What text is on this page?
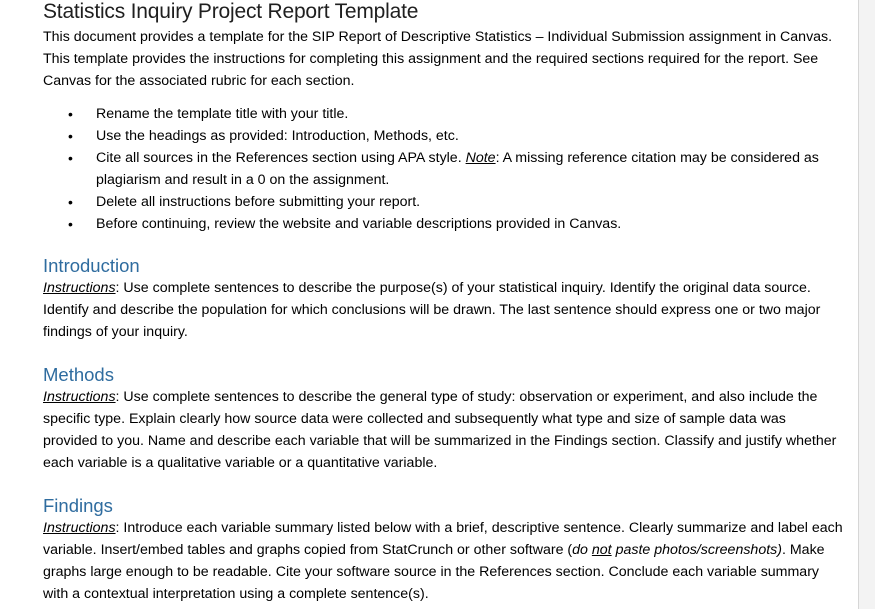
Statistics Inquiry Project Report Template

This document provides a template for the SIP Report of Descriptive Statistics – Individual Submission assignment in Canvas. This template provides the instructions for completing this assignment and the required sections required for the report. See Canvas for the associated rubric for each section.

• Rename the template title with your title.
• Use the headings as provided: Introduction, Methods, etc.
• Cite all sources in the References section using APA style. Note: A missing reference citation may be considered as plagiarism and result in a 0 on the assignment.
• Delete all instructions before submitting your report.
• Before continuing, review the website and variable descriptions provided in Canvas.
Introduction

Instructions: Use complete sentences to describe the purpose(s) of your statistical inquiry. Identify the original data source. Identify and describe the population for which conclusions will be drawn. The last sentence should express one or two major findings of your inquiry.

Methods

Instructions: Use complete sentences to describe the general type of study: observation or experiment, and also include the specific type. Explain clearly how source data were collected and subsequently what type and size of sample data was provided to you. Name and describe each variable that will be summarized in the Findings section. Classify and justify whether each variable is a qualitative variable or a quantitative variable.

Findings

Instructions: Introduce each variable summary listed below with a brief, descriptive sentence. Clearly summarize and label each variable. Insert/embed tables and graphs copied from StatCrunch or other software (do not paste photos/screenshots). Make graphs large enough to be readable. Cite your software source in the References section. Conclude each variable summary with a contextual interpretation using a complete sentence(s).
